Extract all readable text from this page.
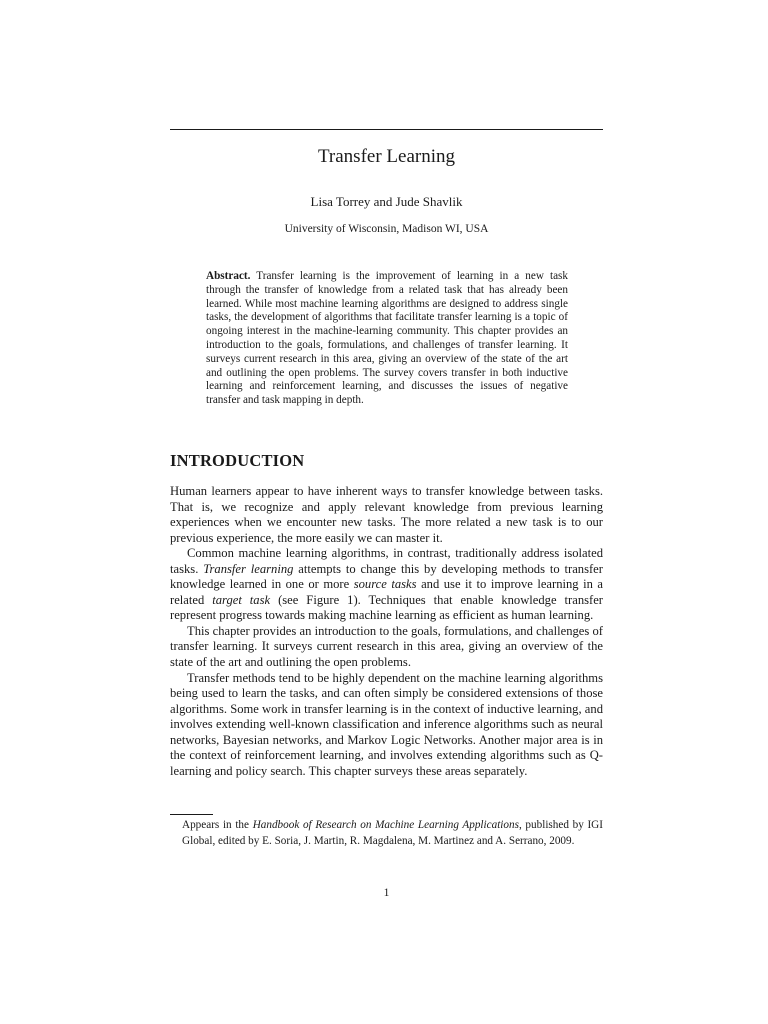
Transfer Learning
Lisa Torrey and Jude Shavlik
University of Wisconsin, Madison WI, USA
Abstract. Transfer learning is the improvement of learning in a new task through the transfer of knowledge from a related task that has already been learned. While most machine learning algorithms are designed to address single tasks, the development of algorithms that facilitate transfer learning is a topic of ongoing interest in the machine-learning community. This chapter provides an introduction to the goals, formulations, and challenges of transfer learning. It surveys current research in this area, giving an overview of the state of the art and outlining the open problems. The survey covers transfer in both inductive learning and reinforcement learning, and discusses the issues of negative transfer and task mapping in depth.
INTRODUCTION

Human learners appear to have inherent ways to transfer knowledge between tasks. That is, we recognize and apply relevant knowledge from previous learning experiences when we encounter new tasks. The more related a new task is to our previous experience, the more easily we can master it.

Common machine learning algorithms, in contrast, traditionally address isolated tasks. Transfer learning attempts to change this by developing methods to transfer knowledge learned in one or more source tasks and use it to improve learning in a related target task (see Figure 1). Techniques that enable knowledge transfer represent progress towards making machine learning as efficient as human learning.

This chapter provides an introduction to the goals, formulations, and challenges of transfer learning. It surveys current research in this area, giving an overview of the state of the art and outlining the open problems.

Transfer methods tend to be highly dependent on the machine learning algorithms being used to learn the tasks, and can often simply be considered extensions of those algorithms. Some work in transfer learning is in the context of inductive learning, and involves extending well-known classification and inference algorithms such as neural networks, Bayesian networks, and Markov Logic Networks. Another major area is in the context of reinforcement learning, and involves extending algorithms such as Q-learning and policy search. This chapter surveys these areas separately.

Appears in the Handbook of Research on Machine Learning Applications, published by IGI Global, edited by E. Soria, J. Martin, R. Magdalena, M. Martinez and A. Serrano, 2009.
1
